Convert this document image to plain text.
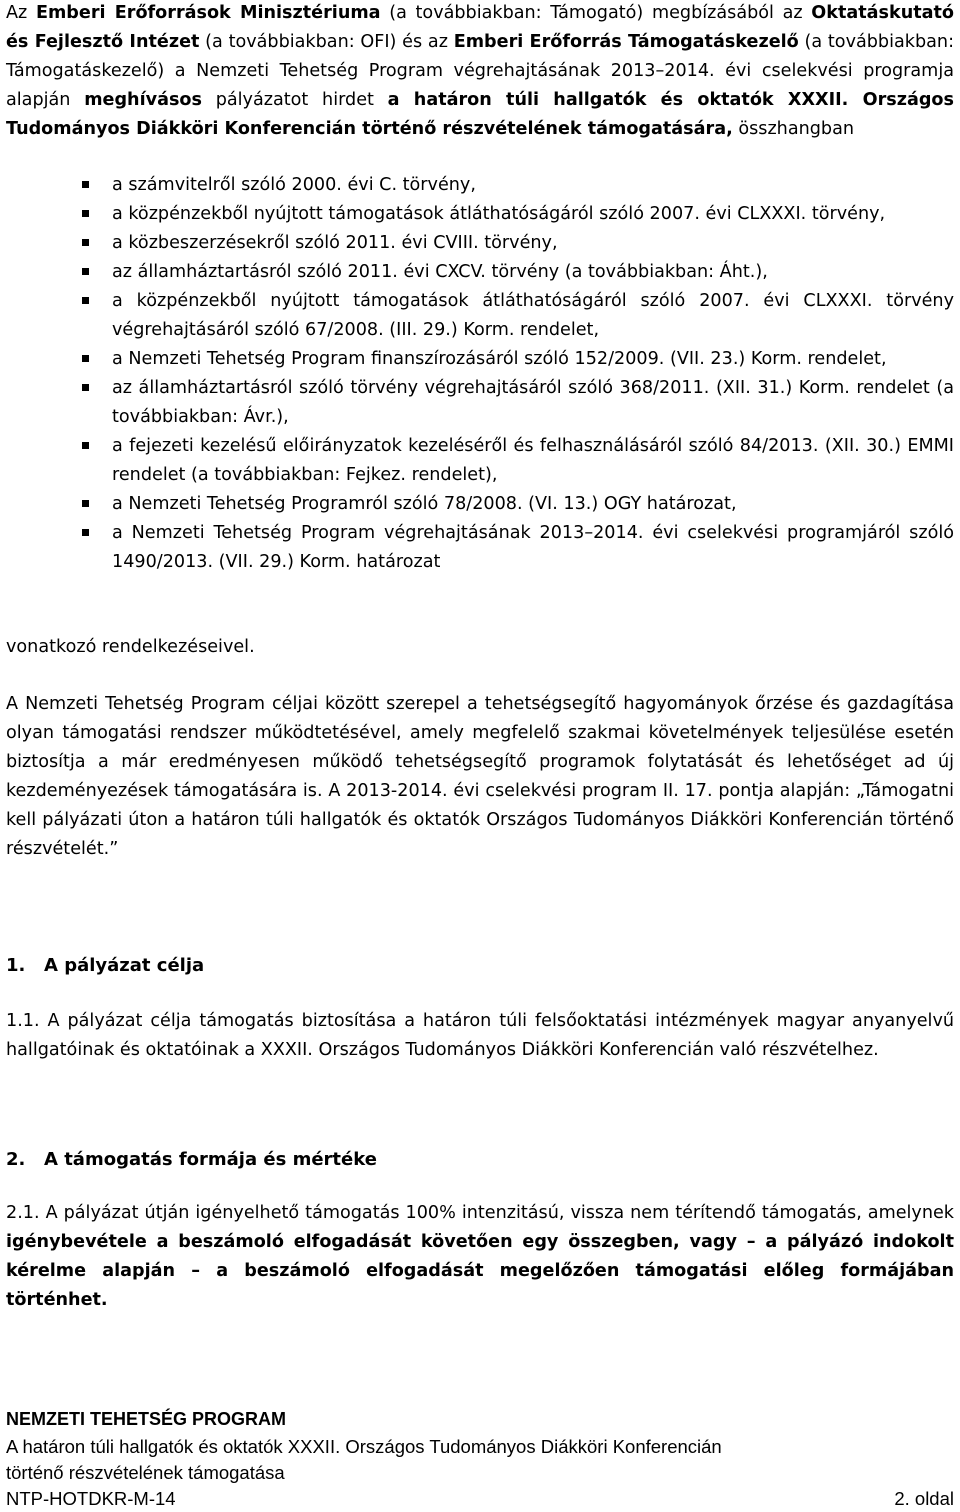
Az Emberi Erőforrások Minisztériuma (a továbbiakban: Támogató) megbízásából az Oktatáskutató és Fejlesztő Intézet (a továbbiakban: OFI) és az Emberi Erőforrás Támogatáskezelő (a továbbiakban: Támogatáskezelő) a Nemzeti Tehetség Program végrehajtásának 2013–2014. évi cselekvési programja alapján meghívásos pályázatot hirdet a határon túli hallgatók és oktatók XXXII. Országos Tudományos Diákköri Konferencián történő részvételének támogatására, összhangban

a számvitelről szóló 2000. évi C. törvény,
a közpénzekből nyújtott támogatások átláthatóságáról szóló 2007. évi CLXXXI. törvény,
a közbeszerzésekről szóló 2011. évi CVIII. törvény,
az államháztartásról szóló 2011. évi CXCV. törvény (a továbbiakban: Áht.),
a közpénzekből nyújtott támogatások átláthatóságáról szóló 2007. évi CLXXXI. törvény végrehajtásáról szóló 67/2008. (III. 29.) Korm. rendelet,
a Nemzeti Tehetség Program finanszírozásáról szóló 152/2009. (VII. 23.) Korm. rendelet,
az államháztartásról szóló törvény végrehajtásáról szóló 368/2011. (XII. 31.) Korm. rendelet (a továbbiakban: Ávr.),
a fejezeti kezelésű előirányzatok kezeléséről és felhasználásáról szóló 84/2013. (XII. 30.) EMMI rendelet (a továbbiakban: Fejkez. rendelet),
a Nemzeti Tehetség Programról szóló 78/2008. (VI. 13.) OGY határozat,
a Nemzeti Tehetség Program végrehajtásának 2013–2014. évi cselekvési programjáról szóló 1490/2013. (VII. 29.) Korm. határozat

vonatkozó rendelkezéseivel.

A Nemzeti Tehetség Program céljai között szerepel a tehetségsegítő hagyományok őrzése és gazdagítása olyan támogatási rendszer működtetésével, amely megfelelő szakmai követelmények teljesülése esetén biztosítja a már eredményesen működő tehetségsegítő programok folytatását és lehetőséget ad új kezdeményezések támogatására is. A 2013-2014. évi cselekvési program II. 17. pontja alapján: „Támogatni kell pályázati úton a határon túli hallgatók és oktatók Országos Tudományos Diákköri Konferencián történő részvételét.”

1. A pályázat célja

1.1. A pályázat célja támogatás biztosítása a határon túli felsőoktatási intézmények magyar anyanyelvű hallgatóinak és oktatóinak a XXXII. Országos Tudományos Diákköri Konferencián való részvételhez.

2. A támogatás formája és mértéke

2.1. A pályázat útján igényelhető támogatás 100% intenzitású, vissza nem térítendő támogatás, amelynek igénybevétele a beszámoló elfogadását követően egy összegben, vagy – a pályázó indokolt kérelme alapján – a beszámoló elfogadását megelőzően támogatási előleg formájában történhet.

NEMZETI TEHETSÉG PROGRAM
A határon túli hallgatók és oktatók XXXII. Országos Tudományos Diákköri Konferencián
történő részvételének támogatása
NTP-HOTDKR-M-14	2. oldal
